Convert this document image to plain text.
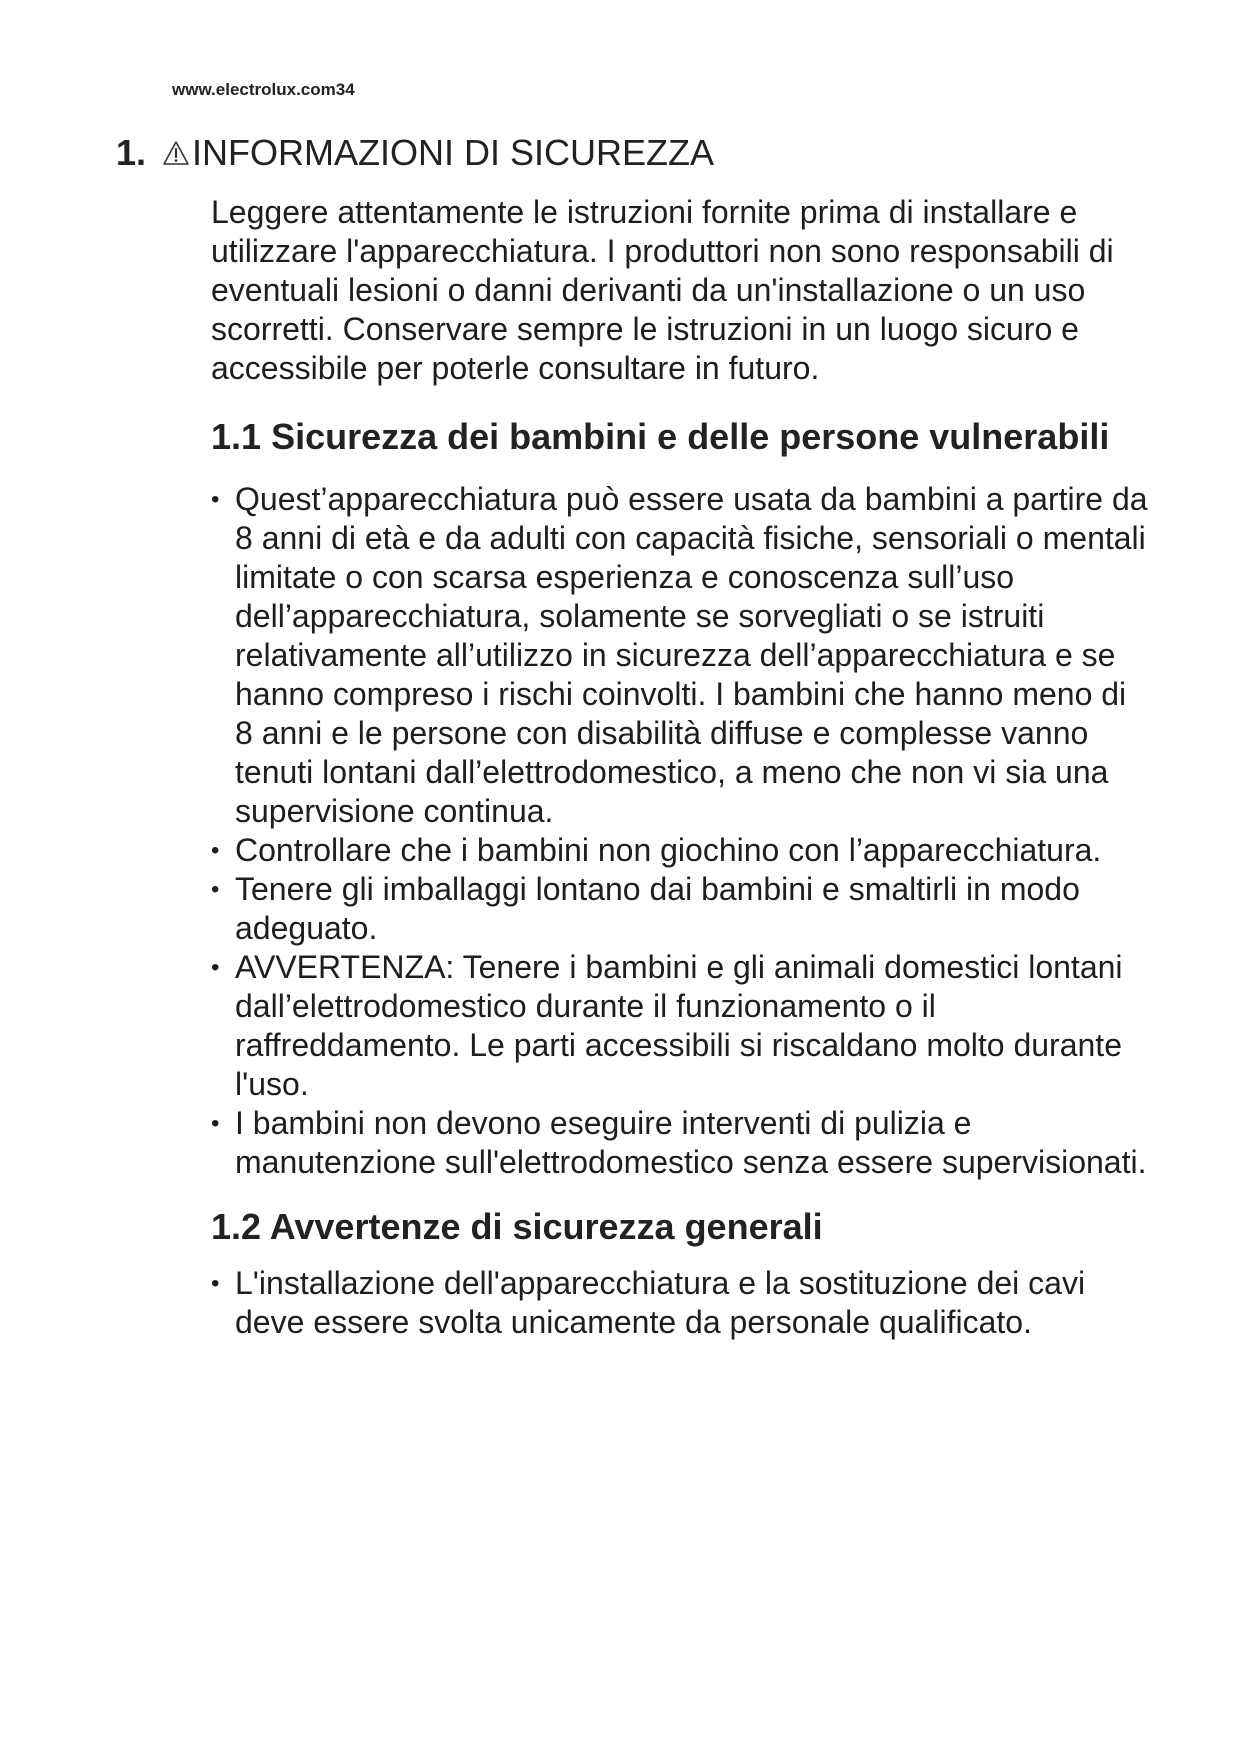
www.electrolux.com34
1. INFORMAZIONI DI SICUREZZA

Leggere attentamente le istruzioni fornite prima di installare e utilizzare l'apparecchiatura. I produttori non sono responsabili di eventuali lesioni o danni derivanti da un'installazione o un uso scorretti. Conservare sempre le istruzioni in un luogo sicuro e accessibile per poterle consultare in futuro.

1.1 Sicurezza dei bambini e delle persone vulnerabili
• Quest’apparecchiatura può essere usata da bambini a partire da 8 anni di età e da adulti con capacità fisiche, sensoriali o mentali limitate o con scarsa esperienza e conoscenza sull’uso dell’apparecchiatura, solamente se sorvegliati o se istruiti relativamente all’utilizzo in sicurezza dell’apparecchiatura e se hanno compreso i rischi coinvolti. I bambini che hanno meno di 8 anni e le persone con disabilità diffuse e complesse vanno tenuti lontani dall’elettrodomestico, a meno che non vi sia una supervisione continua.
• Controllare che i bambini non giochino con l’apparecchiatura.
• Tenere gli imballaggi lontano dai bambini e smaltirli in modo adeguato.
• AVVERTENZA: Tenere i bambini e gli animali domestici lontani dall’elettrodomestico durante il funzionamento o il raffreddamento. Le parti accessibili si riscaldano molto durante l'uso.
• I bambini non devono eseguire interventi di pulizia e manutenzione sull'elettrodomestico senza essere supervisionati.
1.2 Avvertenze di sicurezza generali
• L'installazione dell'apparecchiatura e la sostituzione dei cavi deve essere svolta unicamente da personale qualificato.
